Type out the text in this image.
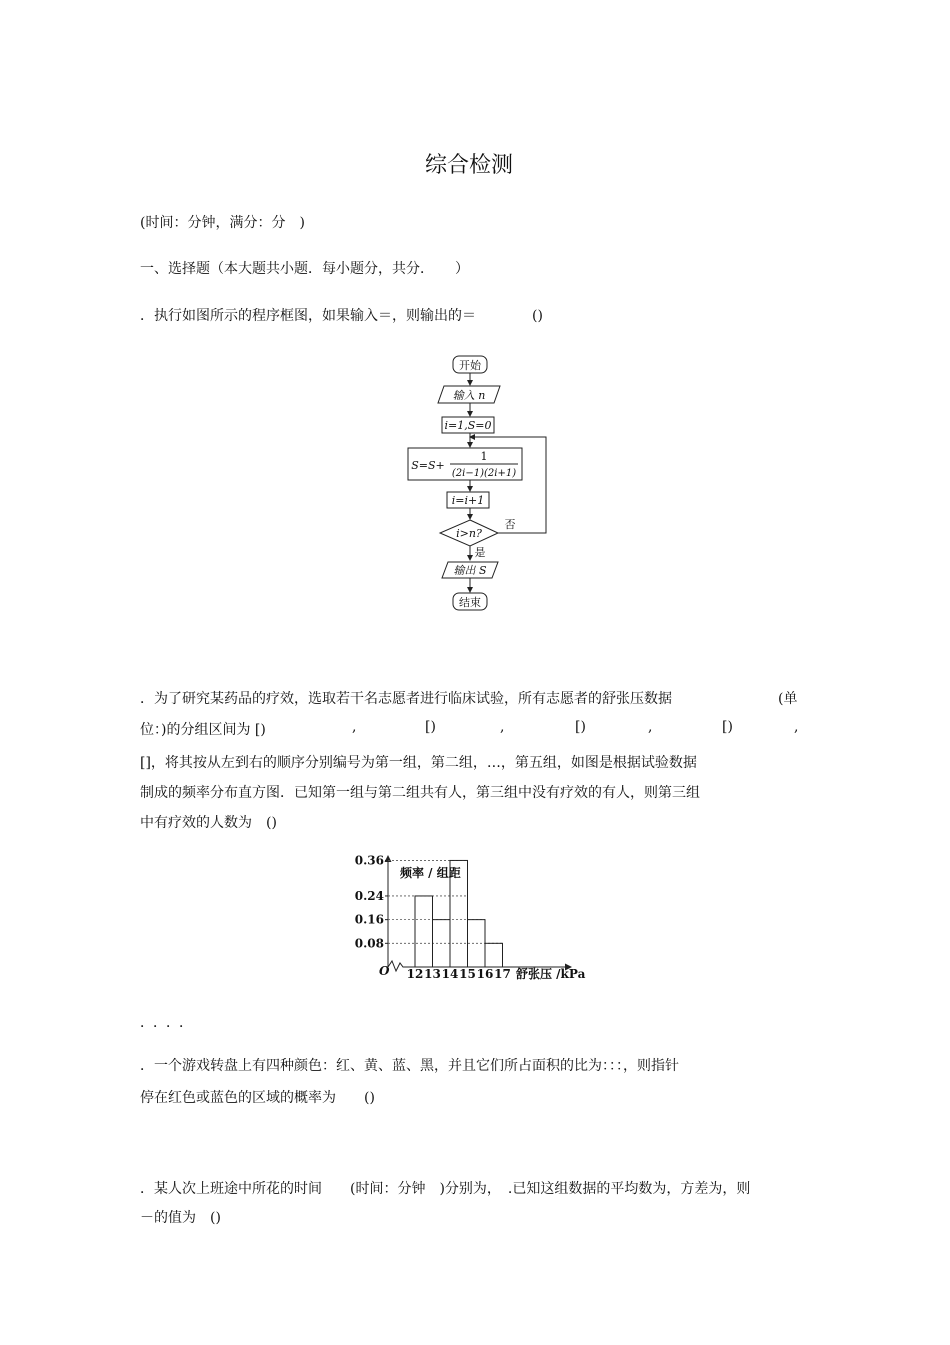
综合检测
(时间：分钟，满分：分　)
一、选择题（本大题共小题．每小题分，共分．　　）
．执行如图所示的程序框图，如果输入＝，则输出的＝　　　　()
开始
输入 n
i=1,S=0
S=S+
1
(2i−1)(2i+1)
i=i+1
i>n?
否
是
输出 S
结束
．为了研究某药品的疗效，选取若干名志愿者进行临床试验，所有志愿者的舒张压数据	(单
位：)的分组区间为 [)	,	[)	,	[)	,	[)	,
[]，将其按从左到右的顺序分别编号为第一组，第二组，…，第五组，如图是根据试验数据
制成的频率分布直方图．已知第一组与第二组共有人，第三组中没有疗效的有人，则第三组
中有疗效的人数为　()
0.08
0.16
0.24
0.36
12 13 14 15 16 17
频率 / 组距
舒张压 /kPa
O
．．．．
．一个游戏转盘上有四种颜色：红、黄、蓝、黑，并且它们所占面积的比为：：：，则指针
停在红色或蓝色的区域的概率为　　()
．某人次上班途中所花的时间　　(时间：分钟　)分别为，　.已知这组数据的平均数为，方差为，则
－的值为　()
